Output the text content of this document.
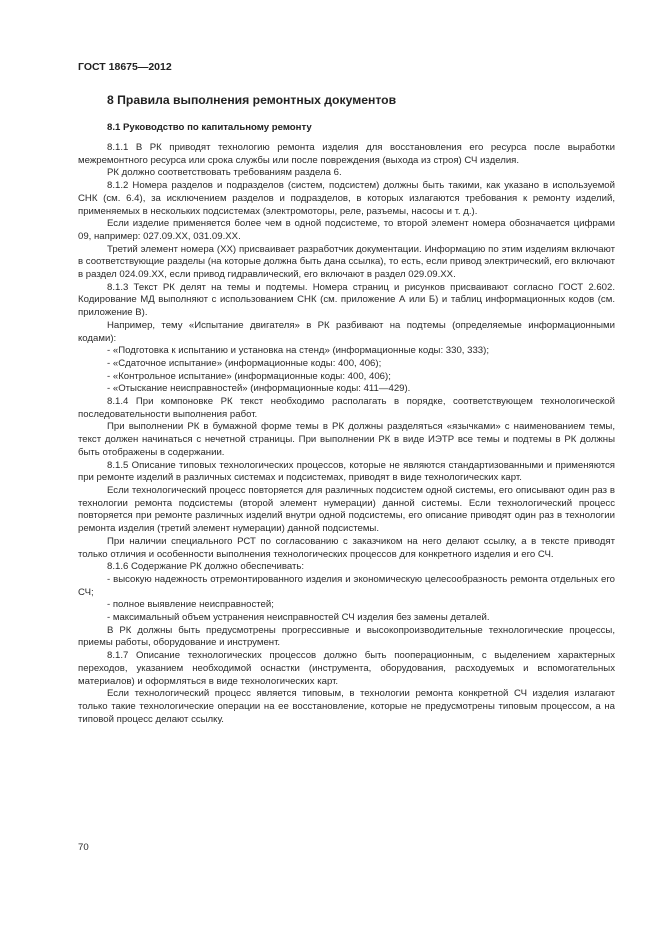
ГОСТ 18675—2012
8 Правила выполнения ремонтных документов
8.1 Руководство по капитальному ремонту

8.1.1 В РК приводят технологию ремонта изделия для восстановления его ресурса после выработки межремонтного ресурса или срока службы или после повреждения (выхода из строя) СЧ изделия.

РК должно соответствовать требованиям раздела 6.

8.1.2 Номера разделов и подразделов (систем, подсистем) должны быть такими, как указано в используемой СНК (см. 6.4), за исключением разделов и подразделов, в которых излагаются требования к ремонту изделий, применяемых в нескольких подсистемах (электромоторы, реле, разъемы, насосы и т. д.).

Если изделие применяется более чем в одной подсистеме, то второй элемент номера обозначается цифрами 09, например: 027.09.XX, 031.09.XX.

Третий элемент номера (XX) присваивает разработчик документации. Информацию по этим изделиям включают в соответствующие разделы (на которые должна быть дана ссылка), то есть, если привод электрический, его включают в раздел 024.09.XX, если привод гидравлический, его включают в раздел 029.09.XX.

8.1.3 Текст РК делят на темы и подтемы. Номера страниц и рисунков присваивают согласно ГОСТ 2.602. Кодирование МД выполняют с использованием СНК (см. приложение А или Б) и таблиц информационных кодов (см. приложение В).

Например, тему «Испытание двигателя» в РК разбивают на подтемы (определяемые информационными кодами):

- «Подготовка к испытанию и установка на стенд» (информационные коды: 330, 333);

- «Сдаточное испытание» (информационные коды: 400, 406);

- «Контрольное испытание» (информационные коды: 400, 406);

- «Отыскание неисправностей» (информационные коды: 411—429).

8.1.4 При компоновке РК текст необходимо располагать в порядке, соответствующем технологической последовательности выполнения работ.

При выполнении РК в бумажной форме темы в РК должны разделяться «язычками» с наименованием темы, текст должен начинаться с нечетной страницы. При выполнении РК в виде ИЭТР все темы и подтемы в РК должны быть отображены в содержании.

8.1.5 Описание типовых технологических процессов, которые не являются стандартизованными и применяются при ремонте изделий в различных системах и подсистемах, приводят в виде технологических карт.

Если технологический процесс повторяется для различных подсистем одной системы, его описывают один раз в технологии ремонта подсистемы (второй элемент нумерации) данной системы. Если технологический процесс повторяется при ремонте различных изделий внутри одной подсистемы, его описание приводят один раз в технологии ремонта изделия (третий элемент нумерации) данной подсистемы.

При наличии специального РСТ по согласованию с заказчиком на него делают ссылку, а в тексте приводят только отличия и особенности выполнения технологических процессов для конкретного изделия и его СЧ.

8.1.6 Содержание РК должно обеспечивать:

- высокую надежность отремонтированного изделия и экономическую целесообразность ремонта отдельных его СЧ;

- полное выявление неисправностей;

- максимальный объем устранения неисправностей СЧ изделия без замены деталей.

В РК должны быть предусмотрены прогрессивные и высокопроизводительные технологические процессы, приемы работы, оборудование и инструмент.

8.1.7 Описание технологических процессов должно быть пооперационным, с выделением характерных переходов, указанием необходимой оснастки (инструмента, оборудования, расходуемых и вспомогательных материалов) и оформляться в виде технологических карт.

Если технологический процесс является типовым, в технологии ремонта конкретной СЧ изделия излагают только такие технологические операции на ее восстановление, которые не предусмотрены типовым процессом, а на типовой процесс делают ссылку.

70
